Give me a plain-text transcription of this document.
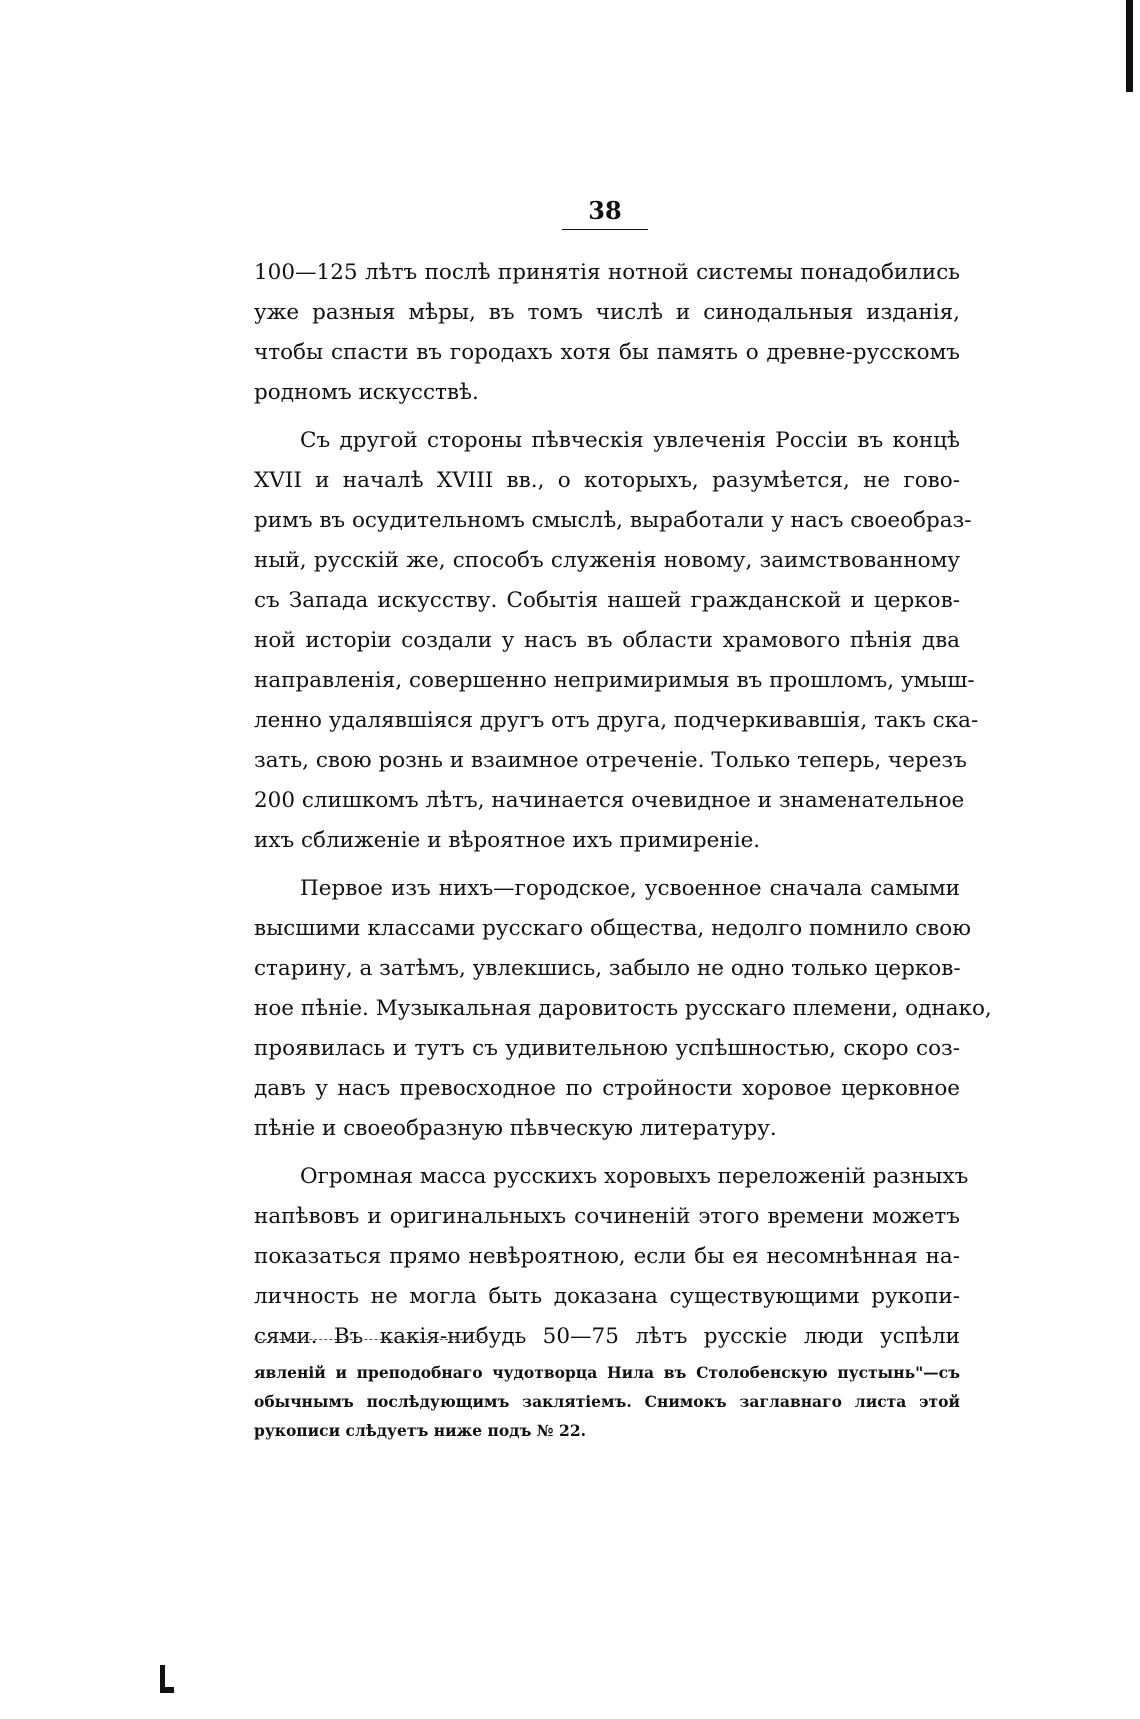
38
100—125 лѣтъ послѣ принятія нотной системы понадобились
уже разныя мѣры, въ томъ числѣ и синодальныя изданія,
чтобы спасти въ городахъ хотя бы память о древне-русскомъ
родномъ искусствѣ.
Съ другой стороны пѣвческія увлеченія Россіи въ концѣ
XVII и началѣ XVIII вв., о которыхъ, разумѣется, не гово-
римъ въ осудительномъ смыслѣ, выработали у насъ своеобраз-
ный, русскій же, способъ служенія новому, заимствованному
съ Запада искусству. Событія нашей гражданской и церков-
ной исторіи создали у насъ въ области храмового пѣнія два
направленія, совершенно непримиримыя въ прошломъ, умыш-
ленно удалявшіяся другъ отъ друга, подчеркивавшія, такъ ска-
зать, свою рознь и взаимное отреченіе. Только теперь, черезъ
200 слишкомъ лѣтъ, начинается очевидное и знаменательное
ихъ сближеніе и вѣроятное ихъ примиреніе.
Первое изъ нихъ—городское, усвоенное сначала самыми
высшими классами русскаго общества, недолго помнило свою
старину, а затѣмъ, увлекшись, забыло не одно только церков-
ное пѣніе. Музыкальная даровитость русскаго племени, однако,
проявилась и тутъ съ удивительною успѣшностью, скоро соз-
давъ у насъ превосходное по стройности хоровое церковное
пѣніе и своеобразную пѣвческую литературу.
Огромная масса русскихъ хоровыхъ переложеній разныхъ
напѣвовъ и оригинальныхъ сочиненій этого времени можетъ
показаться прямо невѣроятною, если бы ея несомнѣнная на-
личность не могла быть доказана существующими рукопи-
сями. Въ какія-нибудь 50—75 лѣтъ русскіе люди успѣли
явленій и преподобнаго чудотворца Нила въ Столобенскую пустынь"—съ
обычнымъ послѣдующимъ заклятіемъ. Снимокъ заглавнаго листа этой
рукописи слѣдуетъ ниже подъ № 22.
